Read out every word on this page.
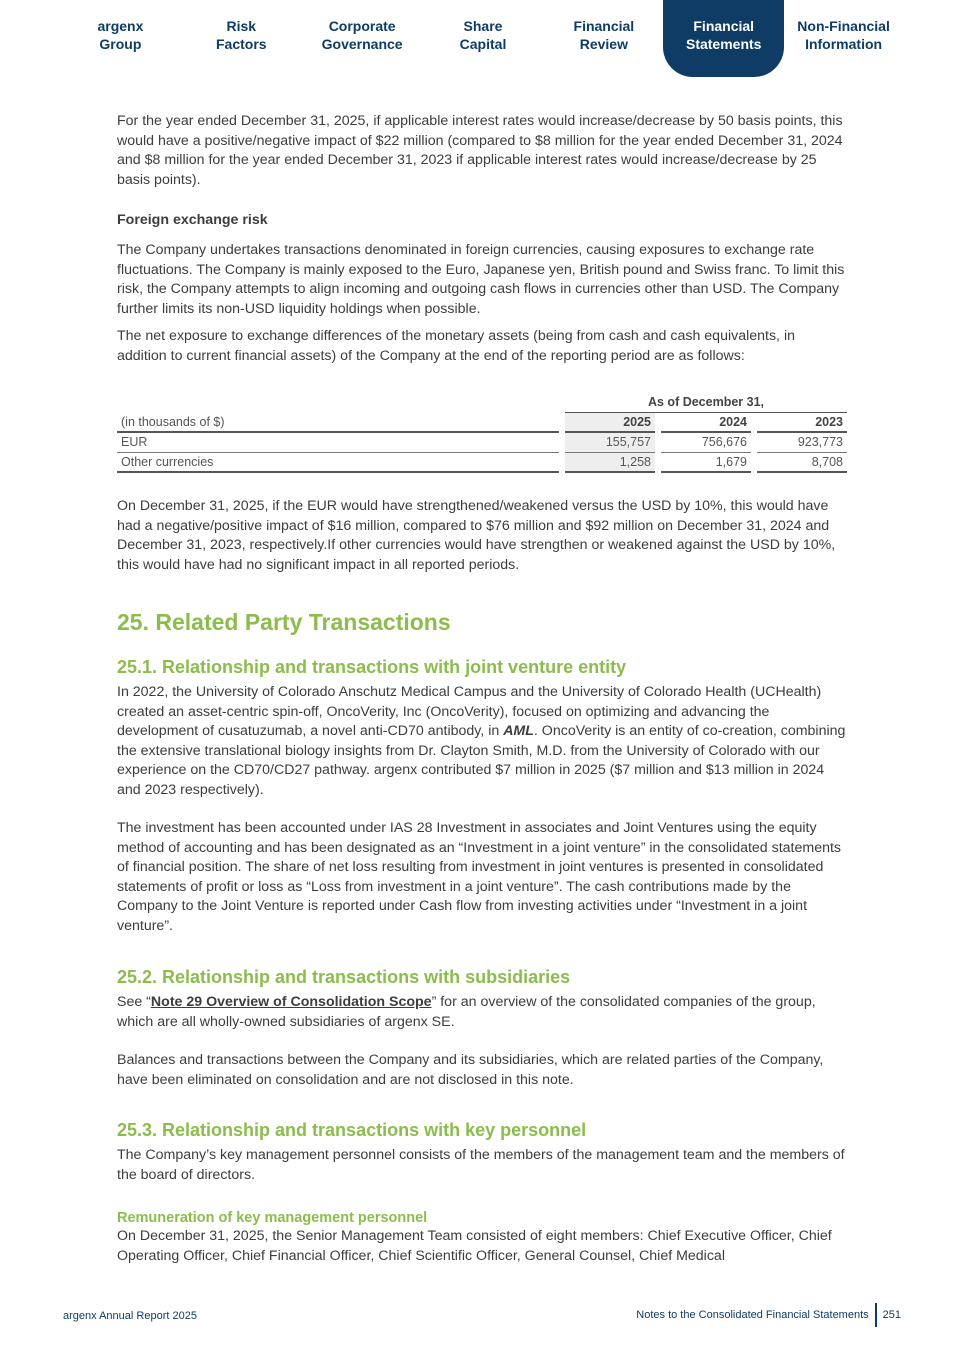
argenx
Group
Risk
Factors
Corporate
Governance
Share
Capital
Financial
Review
Financial
Statements
Non-Financial
Information

For the year ended December 31, 2025, if applicable interest rates would increase/decrease by 50 basis points, this would have a positive/negative impact of $22 million (compared to $8 million for the year ended December 31, 2024 and $8 million for the year ended December 31, 2023 if applicable interest rates would increase/decrease by 25 basis points).

Foreign exchange risk

The Company undertakes transactions denominated in foreign currencies, causing exposures to exchange rate fluctuations. The Company is mainly exposed to the Euro, Japanese yen, British pound and Swiss franc. To limit this risk, the Company attempts to align incoming and outgoing cash flows in currencies other than USD. The Company further limits its non-USD liquidity holdings when possible.

The net exposure to exchange differences of the monetary assets (being from cash and cash equivalents, in addition to current financial assets) of the Company at the end of the reporting period are as follows:

		As of December 31,				
(in thousands of $)		2025		2024		2023
EUR		155,757		756,676		923,773
Other currencies		1,258		1,679		8,708

On December 31, 2025, if the EUR would have strengthened/weakened versus the USD by 10%, this would have had a negative/positive impact of $16 million, compared to $76 million and $92 million on December 31, 2024 and December 31, 2023, respectively.If other currencies would have strengthen or weakened against the USD by 10%, this would have had no significant impact in all reported periods.

25. Related Party Transactions
25.1. Relationship and transactions with joint venture entity

In 2022, the University of Colorado Anschutz Medical Campus and the University of Colorado Health (UCHealth) created an asset-centric spin-off, OncoVerity, Inc (OncoVerity), focused on optimizing and advancing the development of cusatuzumab, a novel anti-CD70 antibody, in AML. OncoVerity is an entity of co-creation, combining the extensive translational biology insights from Dr. Clayton Smith, M.D. from the University of Colorado with our experience on the CD70/CD27 pathway. argenx contributed $7 million in 2025 ($7 million and $13 million in 2024 and 2023 respectively).

The investment has been accounted under IAS 28 Investment in associates and Joint Ventures using the equity method of accounting and has been designated as an “Investment in a joint venture” in the consolidated statements of financial position. The share of net loss resulting from investment in joint ventures is presented in consolidated statements of profit or loss as “Loss from investment in a joint venture”. The cash contributions made by the Company to the Joint Venture is reported under Cash flow from investing activities under “Investment in a joint venture”.

25.2. Relationship and transactions with subsidiaries

See “Note 29 Overview of Consolidation Scope” for an overview of the consolidated companies of the group, which are all wholly-owned subsidiaries of argenx SE.

Balances and transactions between the Company and its subsidiaries, which are related parties of the Company, have been eliminated on consolidation and are not disclosed in this note.

25.3. Relationship and transactions with key personnel

The Company’s key management personnel consists of the members of the management team and the members of the board of directors.

Remuneration of key management personnel

On December 31, 2025, the Senior Management Team consisted of eight members: Chief Executive Officer, Chief Operating Officer, Chief Financial Officer, Chief Scientific Officer, General Counsel, Chief Medical

argenx Annual Report 2025	Notes to the Consolidated Financial Statements 251
